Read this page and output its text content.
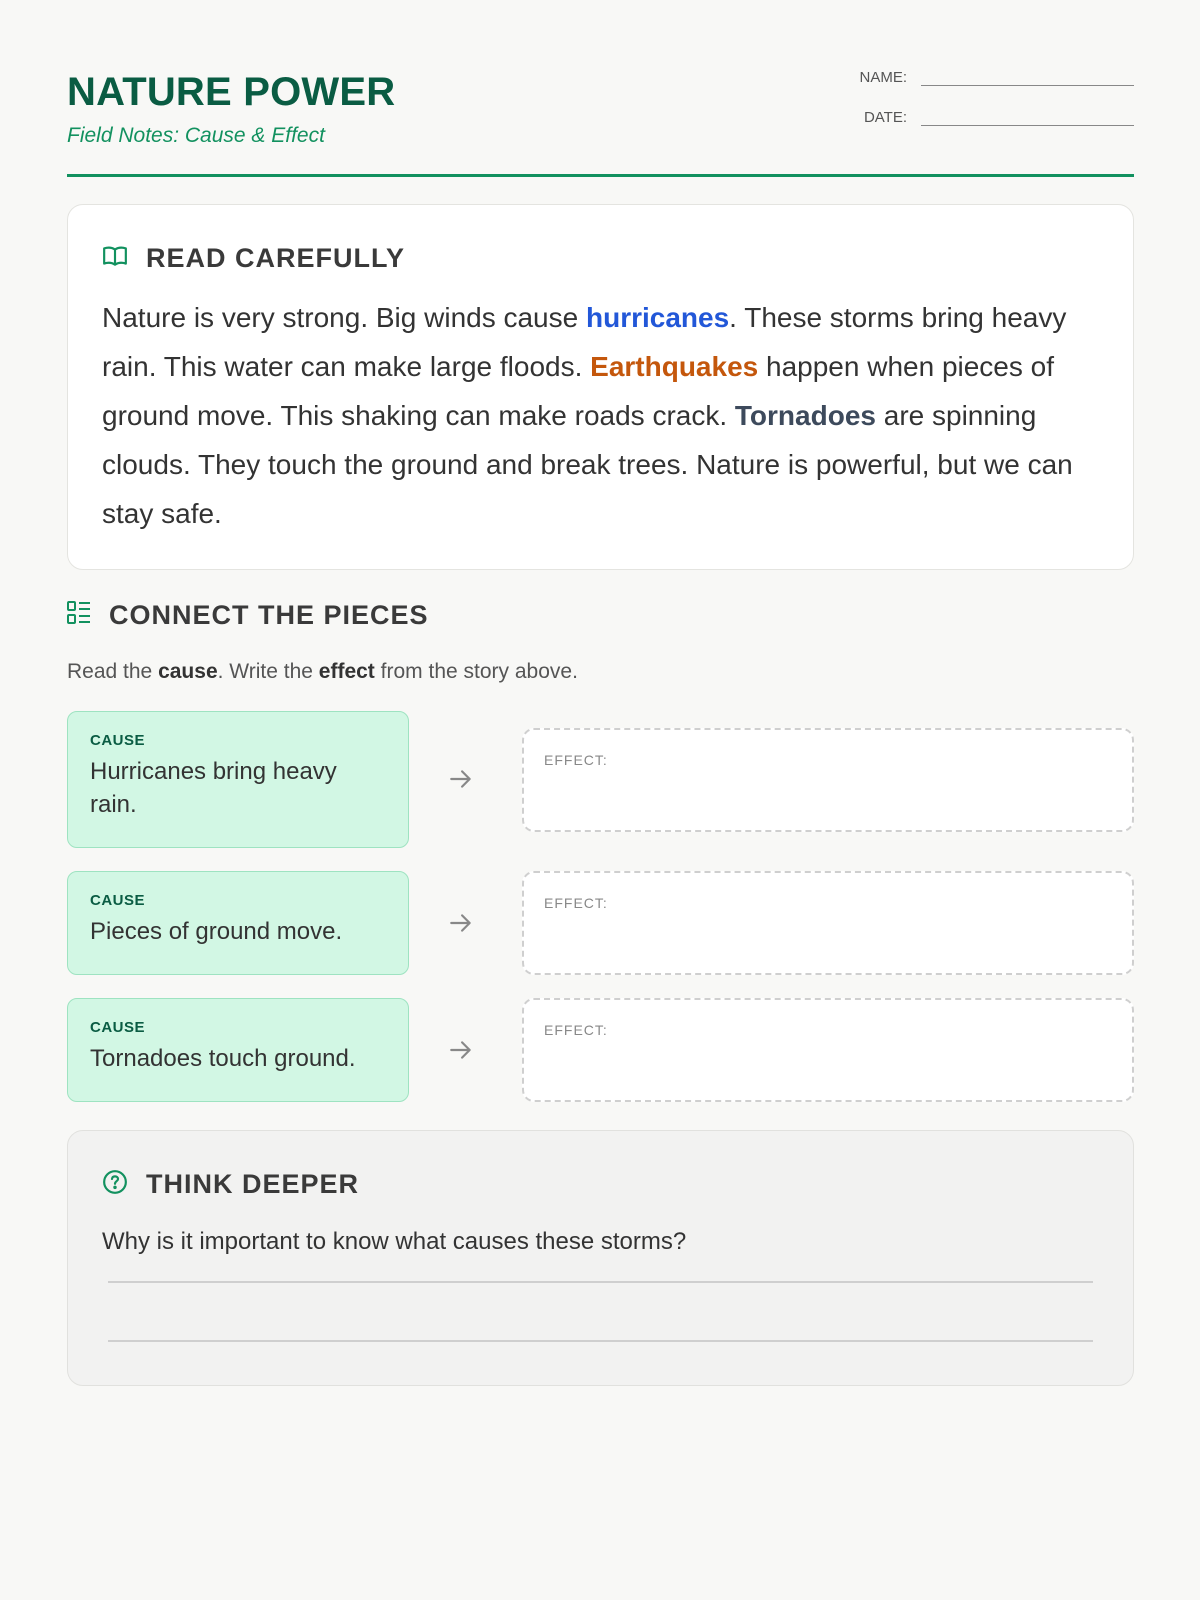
NATURE POWER
Field Notes: Cause & Effect
NAME:
DATE:
READ CAREFULLY

Nature is very strong. Big winds cause hurricanes. These storms bring heavy rain. This water can make large floods. Earthquakes happen when pieces of ground move. This shaking can make roads crack. Tornadoes are spinning clouds. They touch the ground and break trees. Nature is powerful, but we can stay safe.

CONNECT THE PIECES
Read the cause. Write the effect from the story above.
CAUSE
Hurricanes bring heavy rain.
EFFECT:
CAUSE
Pieces of ground move.
EFFECT:
CAUSE
Tornadoes touch ground.
EFFECT:
THINK DEEPER
Why is it important to know what causes these storms?
